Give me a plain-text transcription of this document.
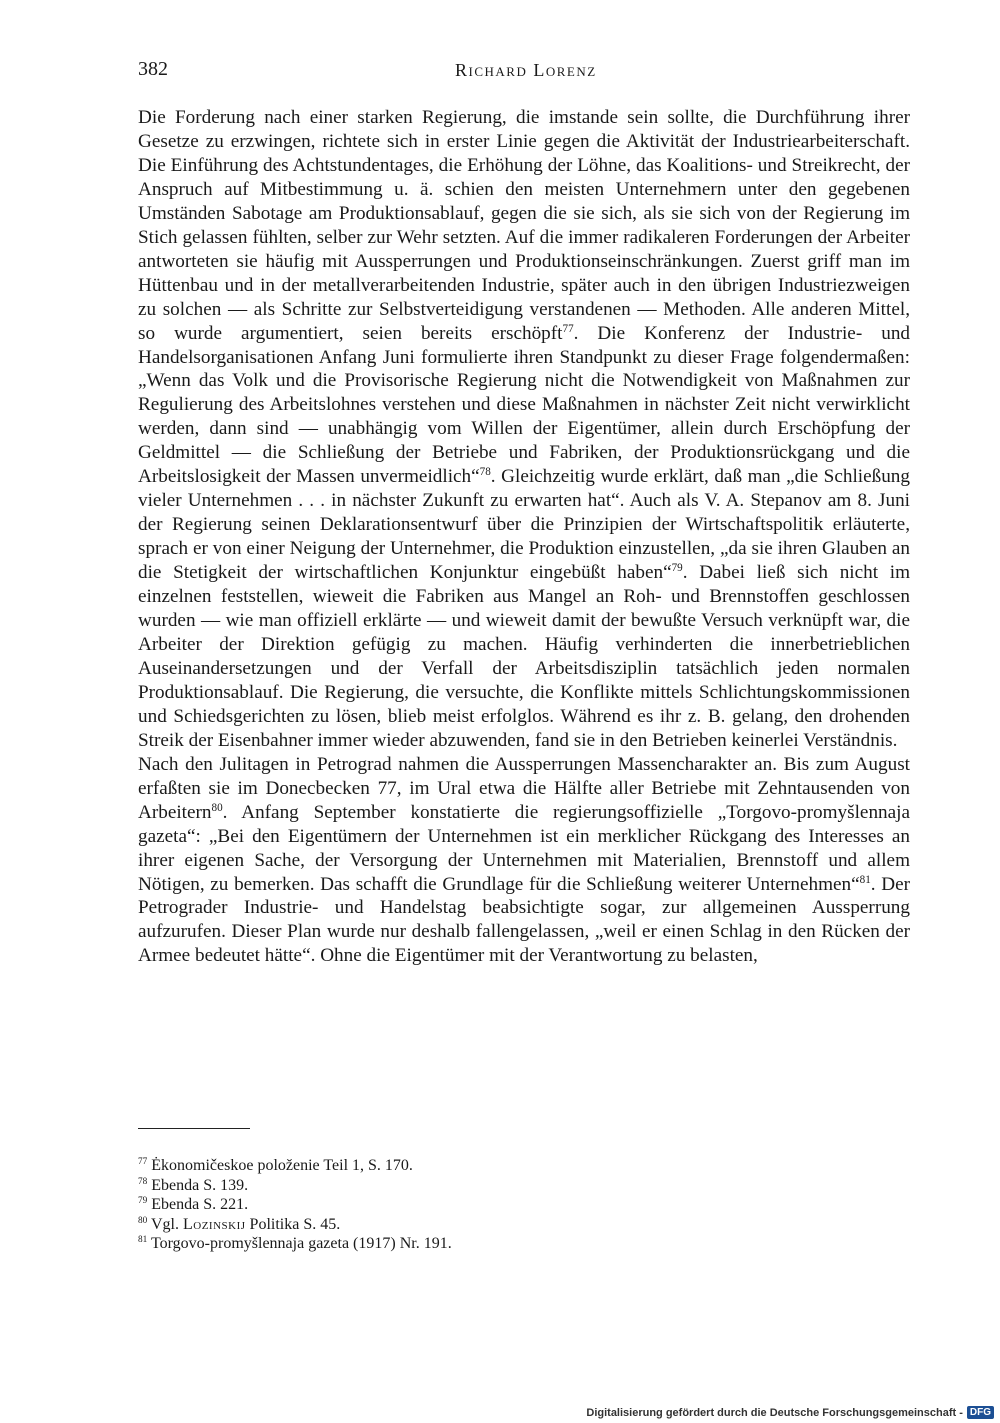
382	Richard Lorenz

Die Forderung nach einer starken Regierung, die imstande sein sollte, die Durchführung ihrer Gesetze zu erzwingen, richtete sich in erster Linie gegen die Aktivität der Industriearbeiterschaft. Die Einführung des Achtstundentages, die Erhöhung der Löhne, das Koalitions- und Streikrecht, der Anspruch auf Mitbestimmung u. ä. schien den meisten Unternehmern unter den gegebenen Umständen Sabotage am Produktionsablauf, gegen die sie sich, als sie sich von der Regierung im Stich gelassen fühlten, selber zur Wehr setzten. Auf die immer radikaleren Forderungen der Arbeiter antworteten sie häufig mit Aussperrungen und Produktionseinschränkungen. Zuerst griff man im Hüttenbau und in der metallverarbeitenden Industrie, später auch in den übrigen Industriezweigen zu solchen — als Schritte zur Selbstverteidigung verstandenen — Methoden. Alle anderen Mittel, so wurde argumentiert, seien bereits erschöpft$^{77}$. Die Konferenz der Industrie- und Handelsorganisationen Anfang Juni formulierte ihren Standpunkt zu dieser Frage folgendermaßen: „Wenn das Volk und die Provisorische Regierung nicht die Notwendigkeit von Maßnahmen zur Regulierung des Arbeitslohnes verstehen und diese Maßnahmen in nächster Zeit nicht verwirklicht werden, dann sind — unabhängig vom Willen der Eigentümer, allein durch Erschöpfung der Geldmittel — die Schließung der Betriebe und Fabriken, der Produktionsrückgang und die Arbeitslosigkeit der Massen unvermeidlich“$^{78}$. Gleichzeitig wurde erklärt, daß man „die Schließung vieler Unternehmen . . . in nächster Zukunft zu erwarten hat“. Auch als V. A. Stepanov am 8. Juni der Regierung seinen Deklarationsentwurf über die Prinzipien der Wirtschaftspolitik erläuterte, sprach er von einer Neigung der Unternehmer, die Produktion einzustellen, „da sie ihren Glauben an die Stetigkeit der wirtschaftlichen Konjunktur eingebüßt haben“$^{79}$. Dabei ließ sich nicht im einzelnen feststellen, wieweit die Fabriken aus Mangel an Roh- und Brennstoffen geschlossen wurden — wie man offiziell erklärte — und wieweit damit der bewußte Versuch verknüpft war, die Arbeiter der Direktion gefügig zu machen. Häufig verhinderten die innerbetrieblichen Auseinandersetzungen und der Verfall der Arbeitsdisziplin tatsächlich jeden normalen Produktionsablauf. Die Regierung, die versuchte, die Konflikte mittels Schlichtungskommissionen und Schiedsgerichten zu lösen, blieb meist erfolglos. Während es ihr z. B. gelang, den drohenden Streik der Eisenbahner immer wieder abzuwenden, fand sie in den Betrieben keinerlei Verständnis.

Nach den Julitagen in Petrograd nahmen die Aussperrungen Massencharakter an. Bis zum August erfaßten sie im Donecbecken 77, im Ural etwa die Hälfte aller Betriebe mit Zehntausenden von Arbeitern$^{80}$. Anfang September konstatierte die regierungsoffizielle „Torgovo-promyšlennaja gazeta“: „Bei den Eigentümern der Unternehmen ist ein merklicher Rückgang des Interesses an ihrer eigenen Sache, der Versorgung der Unternehmen mit Materialien, Brennstoff und allem Nötigen, zu bemerken. Das schafft die Grundlage für die Schließung weiterer Unternehmen“$^{81}$. Der Petrograder Industrie- und Handelstag beabsichtigte sogar, zur allgemeinen Aussperrung aufzurufen. Dieser Plan wurde nur deshalb fallengelassen, „weil er einen Schlag in den Rücken der Armee bedeutet hätte“. Ohne die Eigentümer mit der Verantwortung zu belasten,

$^{77}$ Ėkonomičeskoe položenie Teil 1, S. 170.
$^{78}$ Ebenda S. 139.
$^{79}$ Ebenda S. 221.
$^{80}$ Vgl. Lozinskij Politika S. 45.
$^{81}$ Torgovo-promyšlennaja gazeta (1917) Nr. 191.
Digitalisierung gefördert durch die Deutsche Forschungsgemeinschaft - DFG
